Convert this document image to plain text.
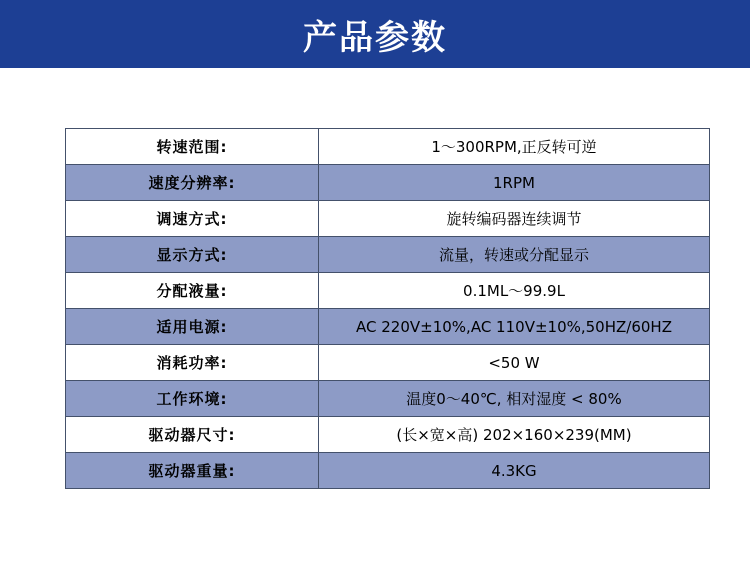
产品参数
转速范围:	1～300RPM,正反转可逆
速度分辨率:	1RPM
调速方式:	旋转编码器连续调节
显示方式:	流量，转速或分配显示
分配液量:	0.1ML～99.9L
适用电源:	AC 220V±10%,AC 110V±10%,50HZ/60HZ
消耗功率:	<50 W
工作环境:	温度0～40℃, 相对湿度 < 80%
驱动器尺寸:	(长×宽×高) 202×160×239(MM)
驱动器重量:	4.3KG
